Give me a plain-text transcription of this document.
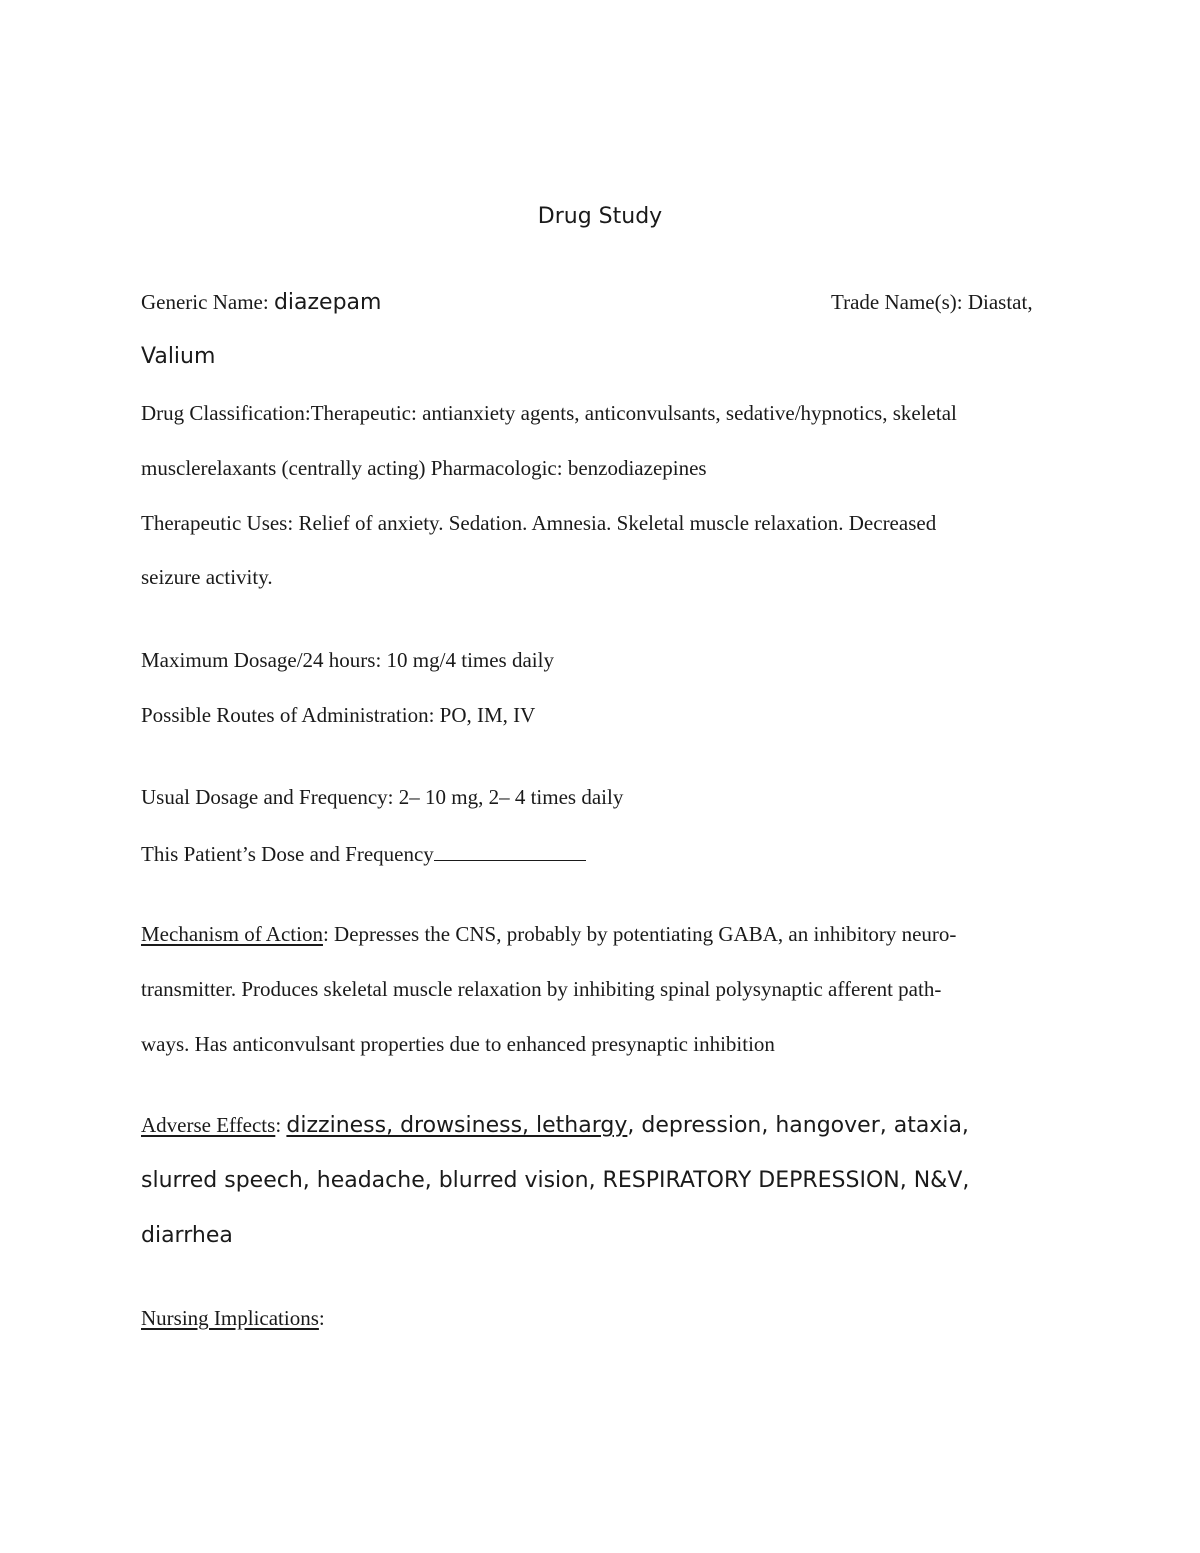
Drug Study
Generic Name: diazepam	Trade Name(s): Diastat,
Valium
Drug Classification:Therapeutic: antianxiety agents, anticonvulsants, sedative/hypnotics, skeletal
musclerelaxants (centrally acting) Pharmacologic: benzodiazepines
Therapeutic Uses: Relief of anxiety. Sedation. Amnesia. Skeletal muscle relaxation. Decreased
seizure activity.
Maximum Dosage/24 hours: 10 mg/4 times daily
Possible Routes of Administration: PO, IM, IV
Usual Dosage and Frequency: 2– 10 mg, 2– 4 times daily
This Patient’s Dose and Frequency
Mechanism of Action: Depresses the CNS, probably by potentiating GABA, an inhibitory neuro-
transmitter. Produces skeletal muscle relaxation by inhibiting spinal polysynaptic afferent path-
ways. Has anticonvulsant properties due to enhanced presynaptic inhibition
Adverse Effects: dizziness, drowsiness, lethargy, depression, hangover, ataxia,
slurred speech, headache, blurred vision, RESPIRATORY DEPRESSION, N&V,
diarrhea
Nursing Implications:
